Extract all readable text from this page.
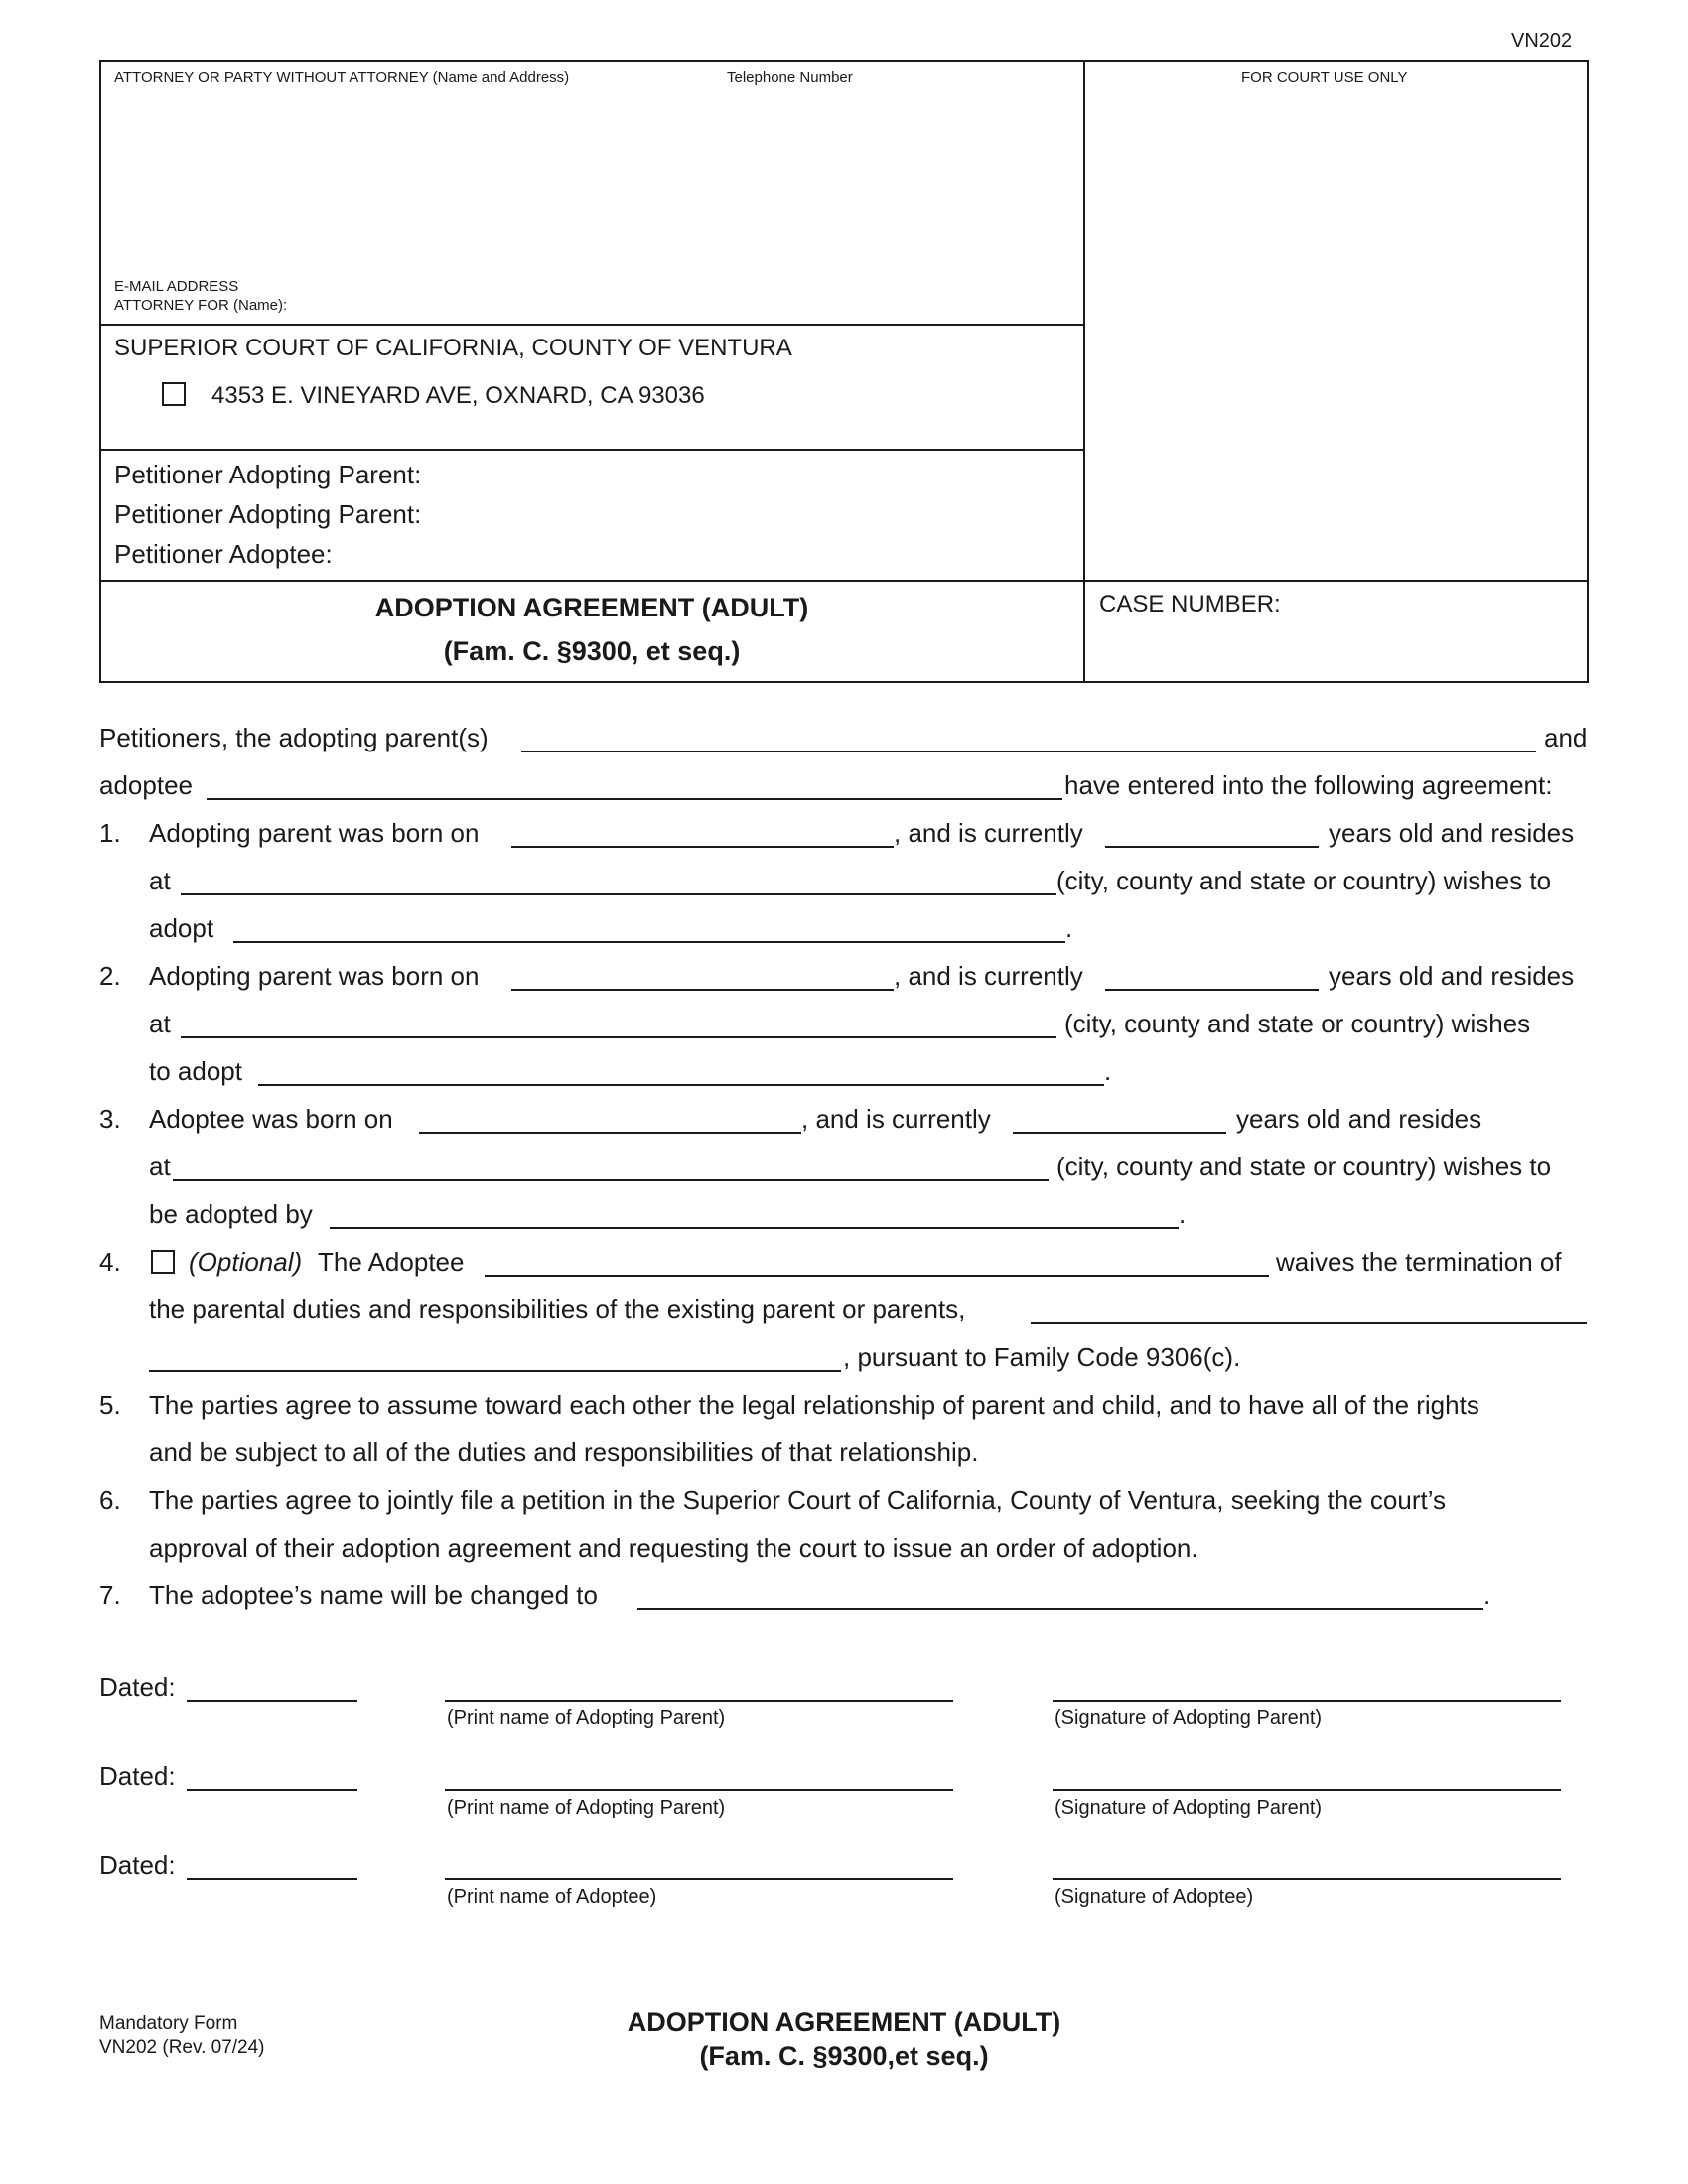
VN202
ATTORNEY OR PARTY WITHOUT ATTORNEY (Name and Address)	Telephone Number	FOR COURT USE ONLY
E-MAIL ADDRESS
ATTORNEY FOR (Name):
SUPERIOR COURT OF CALIFORNIA, COUNTY OF VENTURA
4353 E. VINEYARD AVE, OXNARD, CA 93036
Petitioner Adopting Parent:
Petitioner Adopting Parent:
Petitioner Adoptee:
ADOPTION AGREEMENT (ADULT)
(Fam. C. §9300, et seq.)
CASE NUMBER:
Petitioners, the adopting parent(s)	and
adoptee	have entered into the following agreement:
1. Adopting parent was born on	, and is currently	years old and resides
at	(city, county and state or country) wishes to
adopt	.
2. Adopting parent was born on	, and is currently	years old and resides
at	(city, county and state or country) wishes
to adopt	.
3. Adoptee was born on	, and is currently	years old and resides
at	(city, county and state or country) wishes to
be adopted by	.
4.	(Optional) The Adoptee	waives the termination of
the parental duties and responsibilities of the existing parent or parents,
, pursuant to Family Code 9306(c).
5. The parties agree to assume toward each other the legal relationship of parent and child, and to have all of the rights
and be subject to all of the duties and responsibilities of that relationship.
6. The parties agree to jointly file a petition in the Superior Court of California, County of Ventura, seeking the court’s
approval of their adoption agreement and requesting the court to issue an order of adoption.
7. The adoptee’s name will be changed to	.
Dated:
(Print name of Adopting Parent)	(Signature of Adopting Parent)
Dated:
(Print name of Adopting Parent)	(Signature of Adopting Parent)
Dated:
(Print name of Adoptee)	(Signature of Adoptee)
Mandatory Form
VN202 (Rev. 07/24)
ADOPTION AGREEMENT (ADULT)
(Fam. C. §9300,et seq.)
